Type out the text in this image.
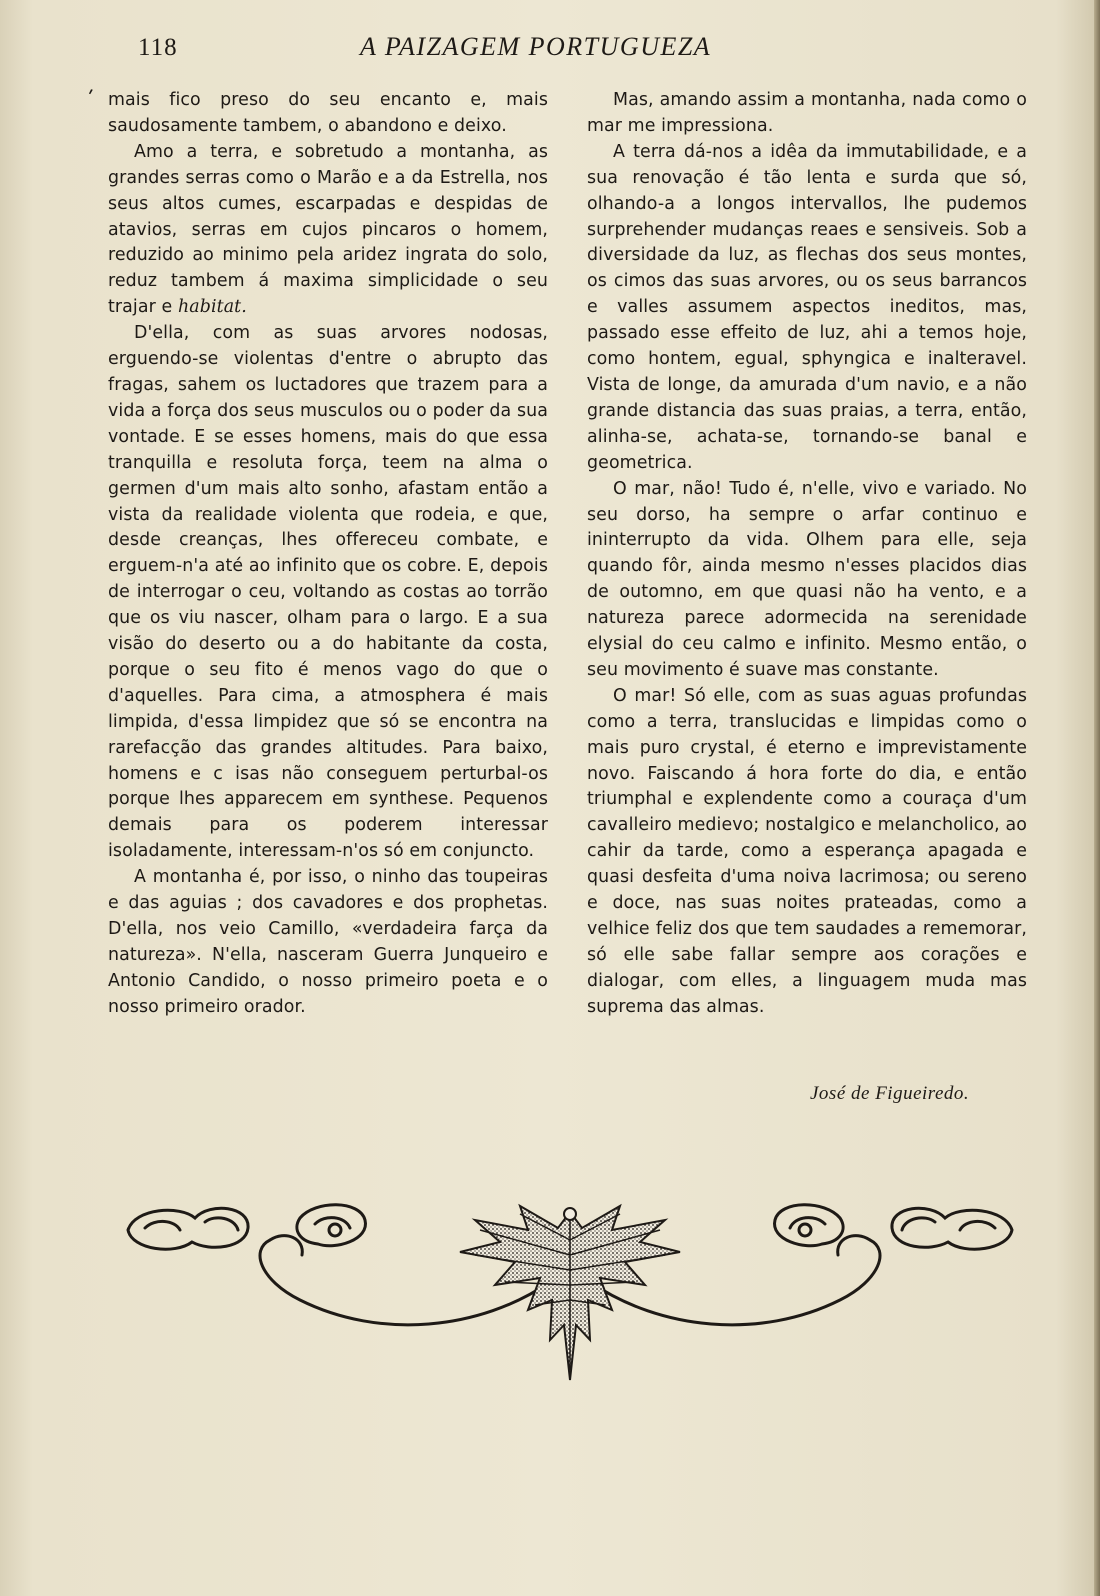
118	A PAIZAGEM PORTUGUEZA
ʹ mais fico preso do seu encanto e, mais saudosamente tambem, o abandono e deixo.

Amo a terra, e sobretudo a montanha, as grandes serras como o Marão e a da Estrella, nos seus altos cumes, escarpadas e despidas de atavios, serras em cujos pincaros o homem, reduzido ao minimo pela aridez ingrata do solo, reduz tambem á maxima simplicidade o seu trajar e habitat.

D'ella, com as suas arvores nodosas, erguendo-se violentas d'entre o abrupto das fragas, sahem os luctadores que trazem para a vida a força dos seus musculos ou o poder da sua vontade. E se esses homens, mais do que essa tranquilla e resoluta força, teem na alma o germen d'um mais alto sonho, afastam então a vista da realidade violenta que rodeia, e que, desde creanças, lhes offereceu combate, e erguem-n'a até ao infinito que os cobre. E, depois de interrogar o ceu, voltando as costas ao torrão que os viu nascer, olham para o largo. E a sua visão do deserto ou a do habitante da costa, porque o seu fito é menos vago do que o d'aquelles. Para cima, a atmosphera é mais limpida, d'essa limpidez que só se encontra na rarefacção das grandes altitudes. Para baixo, homens e c isas não conseguem perturbal-os porque lhes apparecem em synthese. Pequenos demais para os poderem interessar isoladamente, interessam-n'os só em conjuncto.

A montanha é, por isso, o ninho das toupeiras e das aguias ; dos cavadores e dos prophetas. D'ella, nos veio Camillo, «verdadeira farça da natureza». N'ella, nasceram Guerra Junqueiro e Antonio Candido, o nosso primeiro poeta e o nosso primeiro orador.

Mas, amando assim a montanha, nada como o mar me impressiona.

A terra dá-nos a idêa da immutabilidade, e a sua renovação é tão lenta e surda que só, olhando-a a longos intervallos, lhe pudemos surprehender mudanças reaes e sensiveis. Sob a diversidade da luz, as flechas dos seus montes, os cimos das suas arvores, ou os seus barrancos e valles assumem aspectos ineditos, mas, passado esse effeito de luz, ahi a temos hoje, como hontem, egual, sphyngica e inalteravel. Vista de longe, da amurada d'um navio, e a não grande distancia das suas praias, a terra, então, alinha-se, achata-se, tornando-se banal e geometrica.

O mar, não! Tudo é, n'elle, vivo e variado. No seu dorso, ha sempre o arfar continuo e ininterrupto da vida. Olhem para elle, seja quando fôr, ainda mesmo n'esses placidos dias de outomno, em que quasi não ha vento, e a natureza parece adormecida na serenidade elysial do ceu calmo e infinito. Mesmo então, o seu movimento é suave mas constante.

O mar! Só elle, com as suas aguas profundas como a terra, translucidas e limpidas como o mais puro crystal, é eterno e imprevistamente novo. Faiscando á hora forte do dia, e então triumphal e explendente como a couraça d'um cavalleiro medievo; nostalgico e melancholico, ao cahir da tarde, como a esperança apagada e quasi desfeita d'uma noiva lacrimosa; ou sereno e doce, nas suas noites prateadas, como a velhice feliz dos que tem saudades a rememorar, só elle sabe fallar sempre aos corações e dialogar, com elles, a linguagem muda mas suprema das almas.

José de Figueiredo.
